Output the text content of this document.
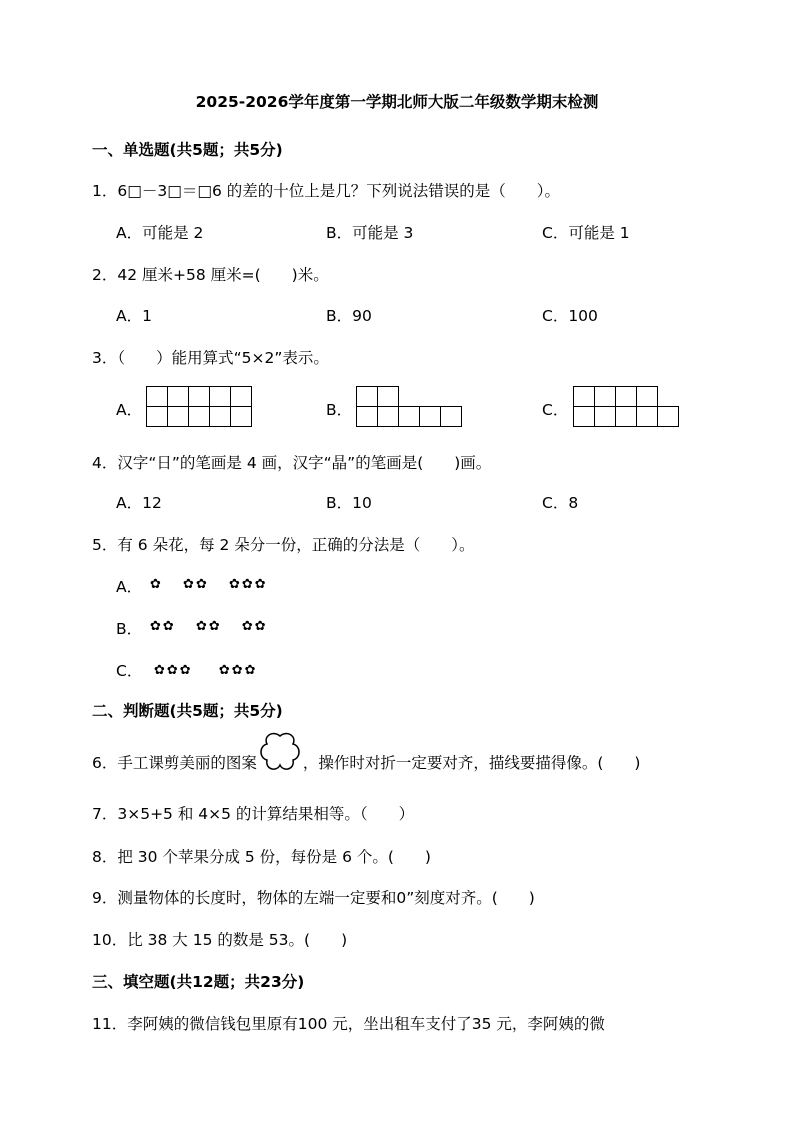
2025-2026学年度第一学期北师大版二年级数学期末检测
一、单选题(共5题；共5分)
1．6□－3□＝□6 的差的十位上是几？下列说法错误的是（　　）。
A．可能是 2	B．可能是 3	C．可能是 1
2．42 厘米+58 厘米=(　　)米。
A．1	B．90	C．100
3．（　　）能用算式“5×2”表示。
A．	B．	C．
4．汉字“日”的笔画是 4 画，汉字“晶”的笔画是(　　)画。
A．12	B．10	C．8
5．有 6 朵花，每 2 朵分一份，正确的分法是（　　）。
A． ✿ ✿✿ ✿✿✿
B． ✿✿ ✿✿ ✿✿
C． ✿✿✿ ✿✿✿
二、判断题(共5题；共5分)
6．手工课剪美丽的图案	，操作时对折一定要对齐，描线要描得像。(　　)
7．3×5+5 和 4×5 的计算结果相等。（　　）
8．把 30 个苹果分成 5 份，每份是 6 个。(　　)
9．测量物体的长度时，物体的左端一定要和0”刻度对齐。(　　)
10．比 38 大 15 的数是 53。(　　)
三、填空题(共12题；共23分)
11．李阿姨的微信钱包里原有100 元，坐出租车支付了35 元，李阿姨的微
